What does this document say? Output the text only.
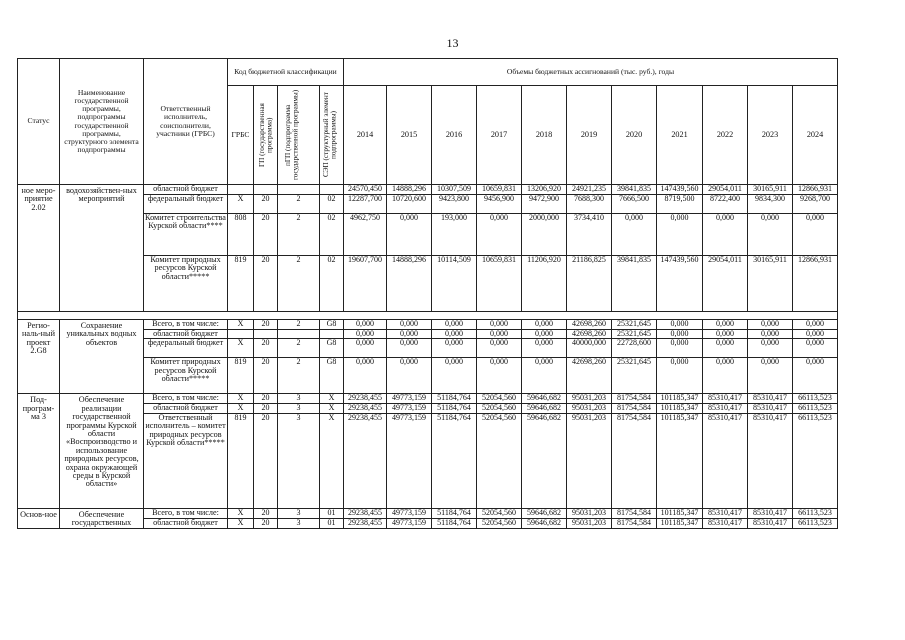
13
Статус	Наименование государственной программы, подпрограммы государственной программы, структурного элемента подпрограммы	Ответственный исполнитель, соисполнители, участники (ГРБС)	Код бюджетной классификации				Объемы бюджетных ассигнований (тыс. руб.), годы										
			ГРБС	ГП (государственная программа)	пГП (подпрограмма государственной программы)	СЭП (структурный элемент подпрограммы)	2014	2015	2016	2017	2018	2019	2020	2021	2022	2023	2024
ное меро-приятие 2.02	водохозяйствен-ных мероприятий	областной бюджет					24570,450	14888,296	10307,509	10659,831	13206,920	24921,235	39841,835	147439,560	29054,011	30165,911	12866,931
		федеральный бюджет	X	20	2	02	12287,700	10720,600	9423,800	9456,900	9472,900	7688,300	7666,500	8719,500	8722,400	9834,300	9268,700
		Комитет строительства Курской области****	808	20	2	02	4962,750	0,000	193,000	0,000	2000,000	3734,410	0,000	0,000	0,000	0,000	0,000
		Комитет природных ресурсов Курской области*****	819	20	2	02	19607,700	14888,296	10114,509	10659,831	11206,920	21186,825	39841,835	147439,560	29054,011	30165,911	12866,931

Регио-наль-ный проект 2.G8	Сохранение уникальных водных объектов	Всего, в том числе:	X	20	2	G8	0,000	0,000	0,000	0,000	0,000	42698,260	25321,645	0,000	0,000	0,000	0,000
		областной бюджет					0,000	0,000	0,000	0,000	0,000	42698,260	25321,645	0,000	0,000	0,000	0,000
		федеральный бюджет	X	20	2	G8	0,000	0,000	0,000	0,000	0,000	40000,000	22728,600	0,000	0,000	0,000	0,000
		Комитет природных ресурсов Курской области*****	819	20	2	G8	0,000	0,000	0,000	0,000	0,000	42698,260	25321,645	0,000	0,000	0,000	0,000
Под-програм-ма 3	Обеспечение реализации государственной программы Курской области «Воспроизводство и использование природных ресурсов, охрана окружающей среды в Курской области»	Всего, в том числе:	X	20	3	X	29238,455	49773,159	51184,764	52054,560	59646,682	95031,203	81754,584	101185,347	85310,417	85310,417	66113,523
		областной бюджет	X	20	3	X	29238,455	49773,159	51184,764	52054,560	59646,682	95031,203	81754,584	101185,347	85310,417	85310,417	66113,523
		Ответственный исполнитель – комитет природных ресурсов Курской области*****	819	20	3	X	29238,455	49773,159	51184,764	52054,560	59646,682	95031,203	81754,584	101185,347	85310,417	85310,417	66113,523
Основ-ное	Обеспечение государственных	Всего, в том числе:	X	20	3	01	29238,455	49773,159	51184,764	52054,560	59646,682	95031,203	81754,584	101185,347	85310,417	85310,417	66113,523
		областной бюджет	X	20	3	01	29238,455	49773,159	51184,764	52054,560	59646,682	95031,203	81754,584	101185,347	85310,417	85310,417	66113,523
